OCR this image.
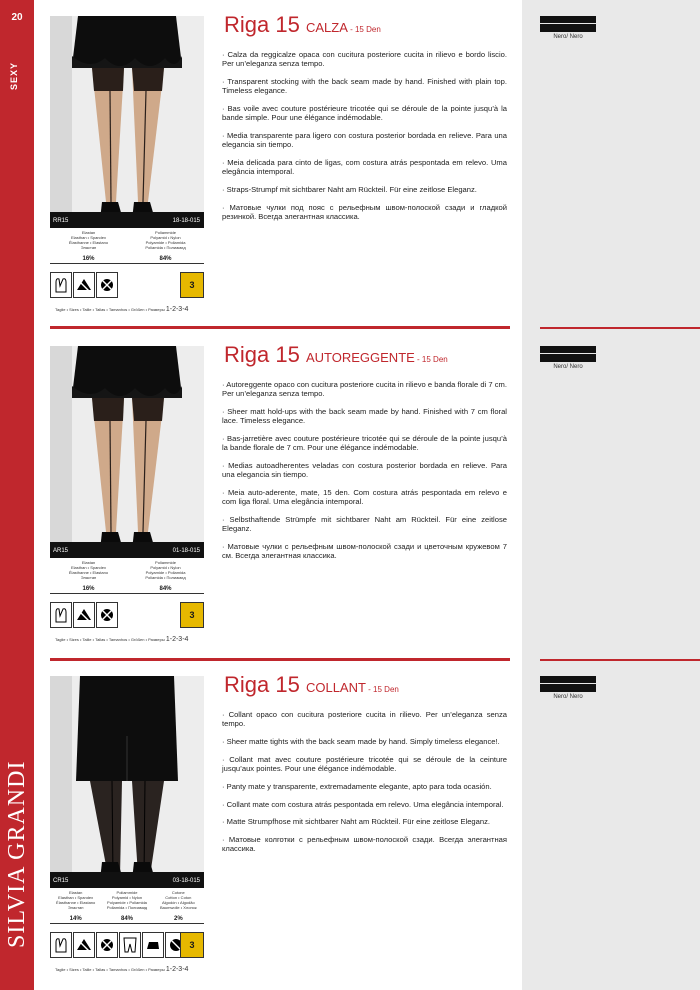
20
SEXY
SILVIA GRANDI
RR15	18-18-015
Elastan
Elasthan • Spandex
Élasthanne • Elastano
Эластан
16%
Poliammide
Polyamid • Nylon
Polyamide • Poliamida
Poliamida • Полиамид
84%
3
Taglie • Sizes • Taille • Tallas • Tamanhos • Größen • Размеры 1-2-3-4
Riga 15 CALZA - 15 Den

· Calza da reggicalze opaca con cucitura posteriore cucita in rilievo e bordo liscio. Per un’eleganza senza tempo.

· Transparent stocking with the back seam made by hand. Finished with plain top. Timeless elegance.

· Bas voile avec couture postérieure tricotée qui se déroule de la pointe jusqu’à la bande simple. Pour une élégance indémodable.

· Media transparente para ligero con costura posterior bordada en relieve. Para una elegancia sin tiempo.

· Meia delicada para cinto de ligas, com costura atrás pespontada em relevo. Uma elegância intemporal.

· Straps-Strumpf mit sichtbarer Naht am Rückteil. Für eine zeitlose Eleganz.

· Матовые чулки под пояс с рельефным швом-полоской сзади и гладкой резинкой. Всегда элегантная классика.

Nero/ Nero
AR15	01-18-015
Elastan
Elasthan • Spandex
Élasthanne • Elastano
Эластан
16%
Poliammide
Polyamid • Nylon
Polyamide • Poliamida
Poliamida • Полиамид
84%
3
Taglie • Sizes • Taille • Tallas • Tamanhos • Größen • Размеры 1-2-3-4
Riga 15 AUTOREGGENTE - 15 Den

· Autoreggente opaco con cucitura posteriore cucita in rilievo e banda florale di 7 cm. Per un’eleganza senza tempo.

· Sheer matt hold-ups with the back seam made by hand. Finished with 7 cm floral lace. Timeless elegance.

· Bas-jarretière avec couture postérieure tricotée qui se déroule de la pointe jusqu’à la bande florale de 7 cm. Pour une élégance indémodable.

· Medias autoadherentes veladas con costura posterior bordada en relieve. Para una elegancia sin tiempo.

· Meia auto-aderente, mate, 15 den. Com costura atrás pespontada em relevo e com liga floral. Uma elegância intemporal.

· Selbsthaftende Strümpfe mit sichtbarer Naht am Rückteil. Für eine zeitlose Eleganz.

· Матовые чулки с рельефным швом-полоской сзади и цветочным кружевом 7 см. Всегда элегантная классика.

Nero/ Nero
CR15	03-18-015
Elastan
Elasthan • Spandex
Élasthanne • Elastano
Эластан
14%
Poliammide
Polyamid • Nylon
Polyamide • Poliamida
Poliamida • Полиамид
84%
Cotone
Cotton • Coton
Algodón • Algodão
Baumwolle • Хлопок
2%
3
Taglie • Sizes • Taille • Tallas • Tamanhos • Größen • Размеры 1-2-3-4
Riga 15 COLLANT - 15 Den

· Collant opaco con cucitura posteriore cucita in rilievo. Per un’eleganza senza tempo.

· Sheer matte tights with the back seam made by hand. Simply timeless elegance!.

· Collant mat avec couture postérieure tricotée qui se déroule de la ceinture jusqu’aux pointes. Pour une élégance indémodable.

· Panty mate y transparente, extremadamente elegante, apto para toda ocasión.

· Collant mate com costura atrás pespontada em relevo. Uma elegância intemporal.

· Matte Strumpfhose mit sichtbarer Naht am Rückteil. Für eine zeitlose Eleganz.

· Матовые колготки с рельефным швом-полоской сзади. Всегда элегантная классика.

Nero/ Nero
